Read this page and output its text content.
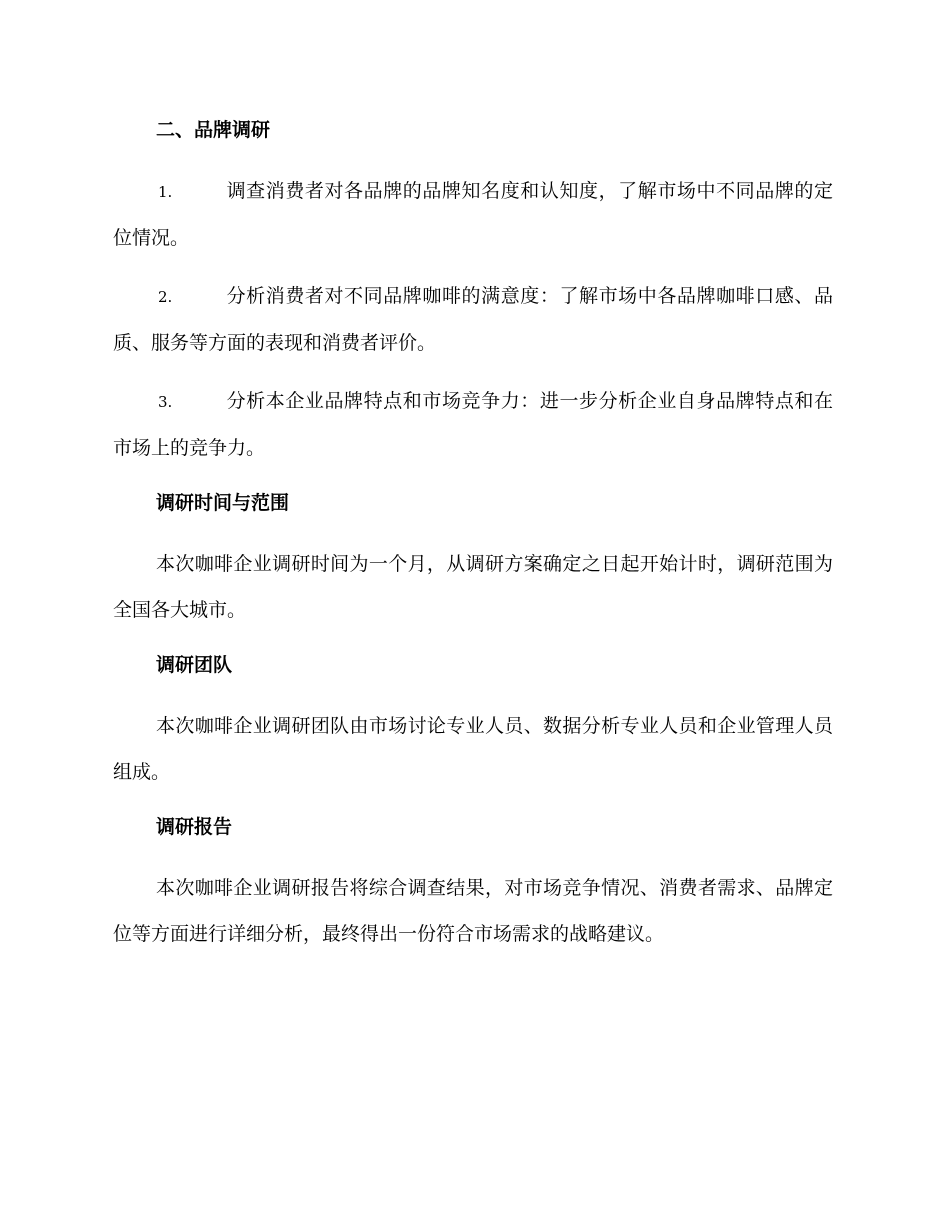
二、品牌调研
1.	调查消费者对各品牌的品牌知名度和认知度，了解市场中不同品牌的定位情况。
2.	分析消费者对不同品牌咖啡的满意度：了解市场中各品牌咖啡口感、品质、服务等方面的表现和消费者评价。
3.	分析本企业品牌特点和市场竞争力：进一步分析企业自身品牌特点和在市场上的竞争力。
调研时间与范围
本次咖啡企业调研时间为一个月，从调研方案确定之日起开始计时，调研范围为全国各大城市。
调研团队
本次咖啡企业调研团队由市场讨论专业人员、数据分析专业人员和企业管理人员组成。
调研报告
本次咖啡企业调研报告将综合调查结果，对市场竞争情况、消费者需求、品牌定位等方面进行详细分析，最终得出一份符合市场需求的战略建议。
